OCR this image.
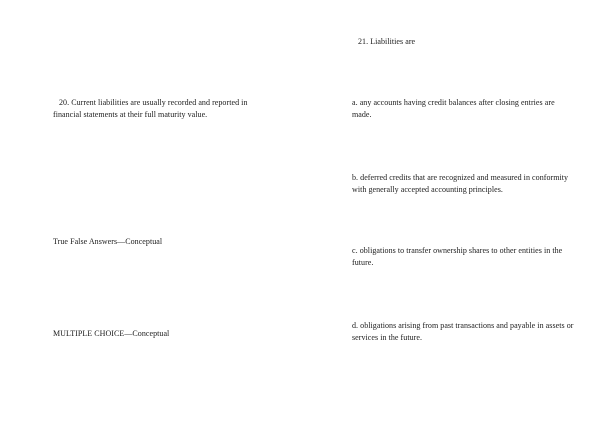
21. Liabilities are
20. Current liabilities are usually recorded and reported in financial statements at their full maturity value.
a. any accounts having credit balances after closing entries are made.
b. deferred credits that are recognized and measured in conformity with generally accepted accounting principles.
True False Answers—Conceptual
c. obligations to transfer ownership shares to other entities in the future.
d. obligations arising from past transactions and payable in assets or services in the future.
MULTIPLE CHOICE—Conceptual
